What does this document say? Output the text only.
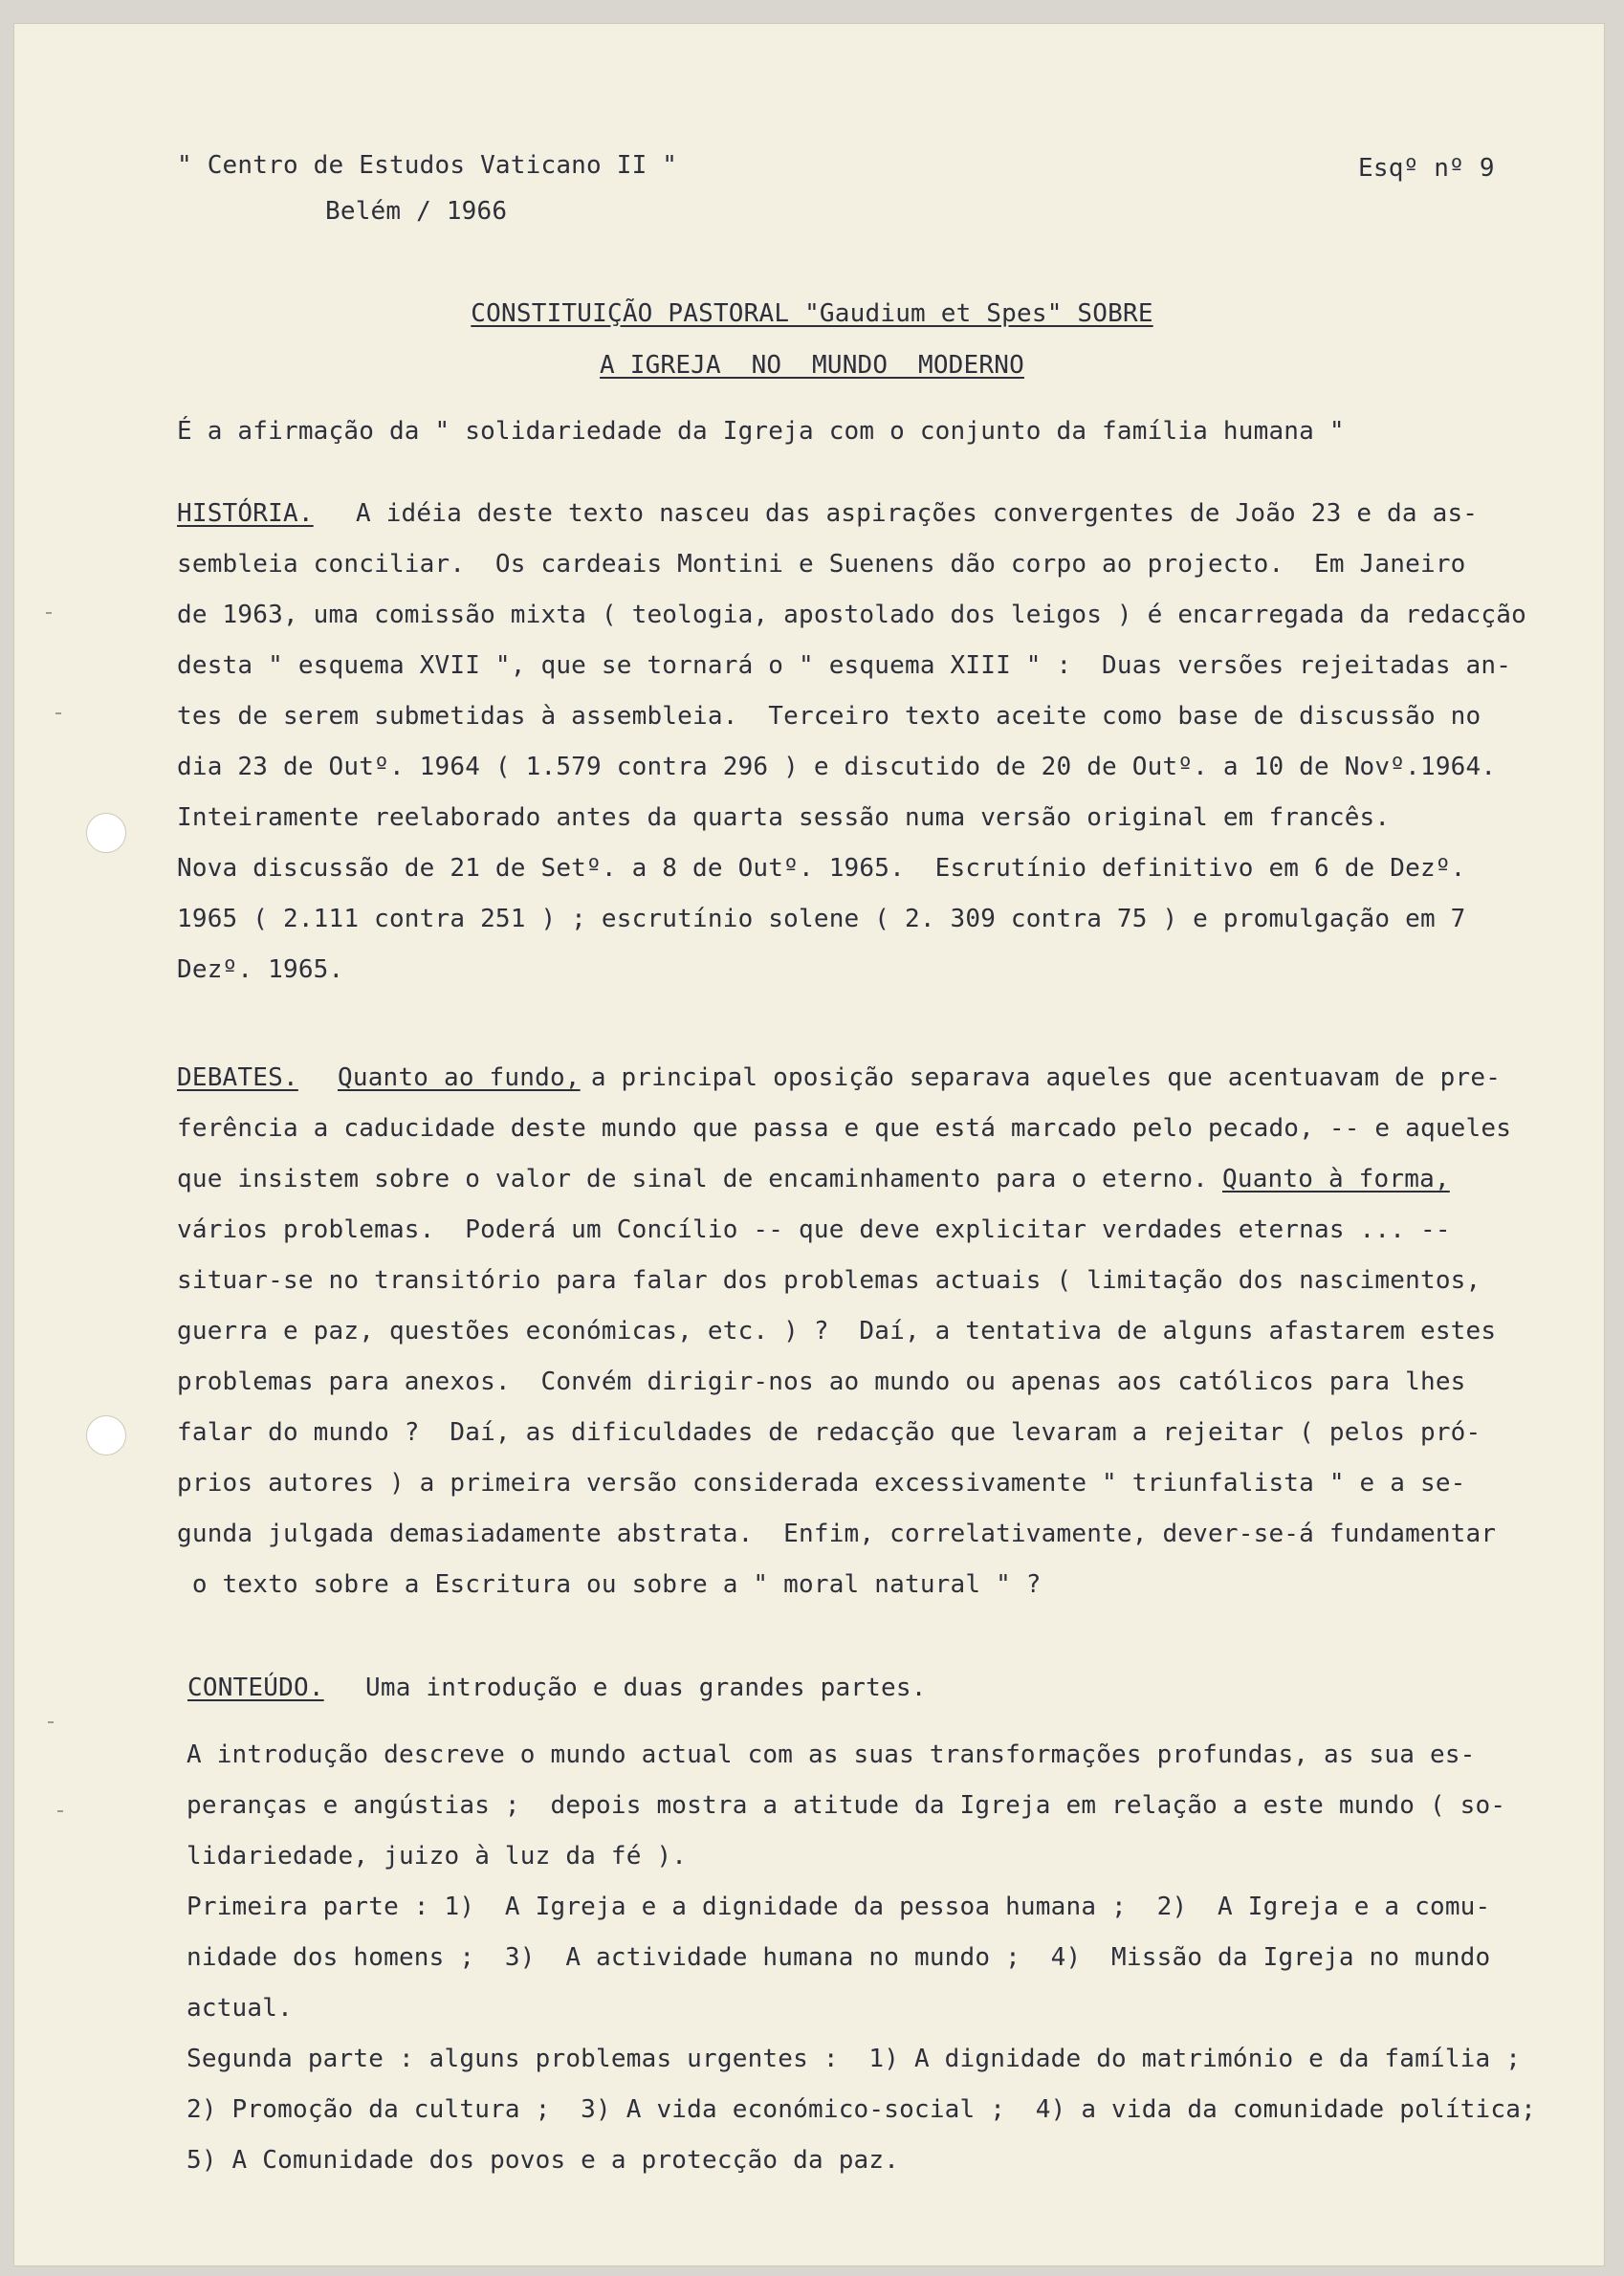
" Centro de Estudos Vaticano II "
Belém / 1966
Esqº nº 9
CONSTITUIÇÃO PASTORAL "Gaudium et Spes" SOBRE
A IGREJA  NO  MUNDO  MODERNO
É a afirmação da " solidariedade da Igreja com o conjunto da família humana "
HISTÓRIA. A idéia deste texto nasceu das aspirações convergentes de João 23 e da as-
sembleia conciliar.  Os cardeais Montini e Suenens dão corpo ao projecto.  Em Janeiro
de 1963, uma comissão mixta ( teologia, apostolado dos leigos ) é encarregada da redacção
desta " esquema XVII ", que se tornará o " esquema XIII " :  Duas versões rejeitadas an-
tes de serem submetidas à assembleia.  Terceiro texto aceite como base de discussão no
dia 23 de Outº. 1964 ( 1.579 contra 296 ) e discutido de 20 de Outº. a 10 de Novº.1964.
Inteiramente reelaborado antes da quarta sessão numa versão original em francês.
Nova discussão de 21 de Setº. a 8 de Outº. 1965.  Escrutínio definitivo em 6 de Dezº.
1965 ( 2.111 contra 251 ) ; escrutínio solene ( 2. 309 contra 75 ) e promulgação em 7
Dezº. 1965.
DEBATES. Quanto ao fundo,
a principal oposição separava aqueles que acentuavam de pre-
ferência a caducidade deste mundo que passa e que está marcado pelo pecado, -- e aqueles
que insistem sobre o valor de sinal de encaminhamento para o eterno.
Quanto à forma,
vários problemas.  Poderá um Concílio -- que deve explicitar verdades eternas ... --
situar-se no transitório para falar dos problemas actuais ( limitação dos nascimentos,
guerra e paz, questões económicas, etc. ) ?  Daí, a tentativa de alguns afastarem estes
problemas para anexos.  Convém dirigir-nos ao mundo ou apenas aos católicos para lhes
falar do mundo ?  Daí, as dificuldades de redacção que levaram a rejeitar ( pelos pró-
prios autores ) a primeira versão considerada excessivamente " triunfalista " e a se-
gunda julgada demasiadamente abstrata.  Enfim, correlativamente, dever-se-á fundamentar
o texto sobre a Escritura ou sobre a " moral natural " ?
CONTEÚDO. Uma introdução e duas grandes partes.
A introdução descreve o mundo actual com as suas transformações profundas, as sua es-
peranças e angústias ;  depois mostra a atitude da Igreja em relação a este mundo ( so-
lidariedade, juizo à luz da fé ).
Primeira parte : 1)  A Igreja e a dignidade da pessoa humana ;  2)  A Igreja e a comu-
nidade dos homens ;  3)  A actividade humana no mundo ;  4)  Missão da Igreja no mundo
actual.
Segunda parte : alguns problemas urgentes :  1) A dignidade do matrimónio e da família ;
2) Promoção da cultura ;  3) A vida económico-social ;  4) a vida da comunidade política;
5) A Comunidade dos povos e a protecção da paz.
